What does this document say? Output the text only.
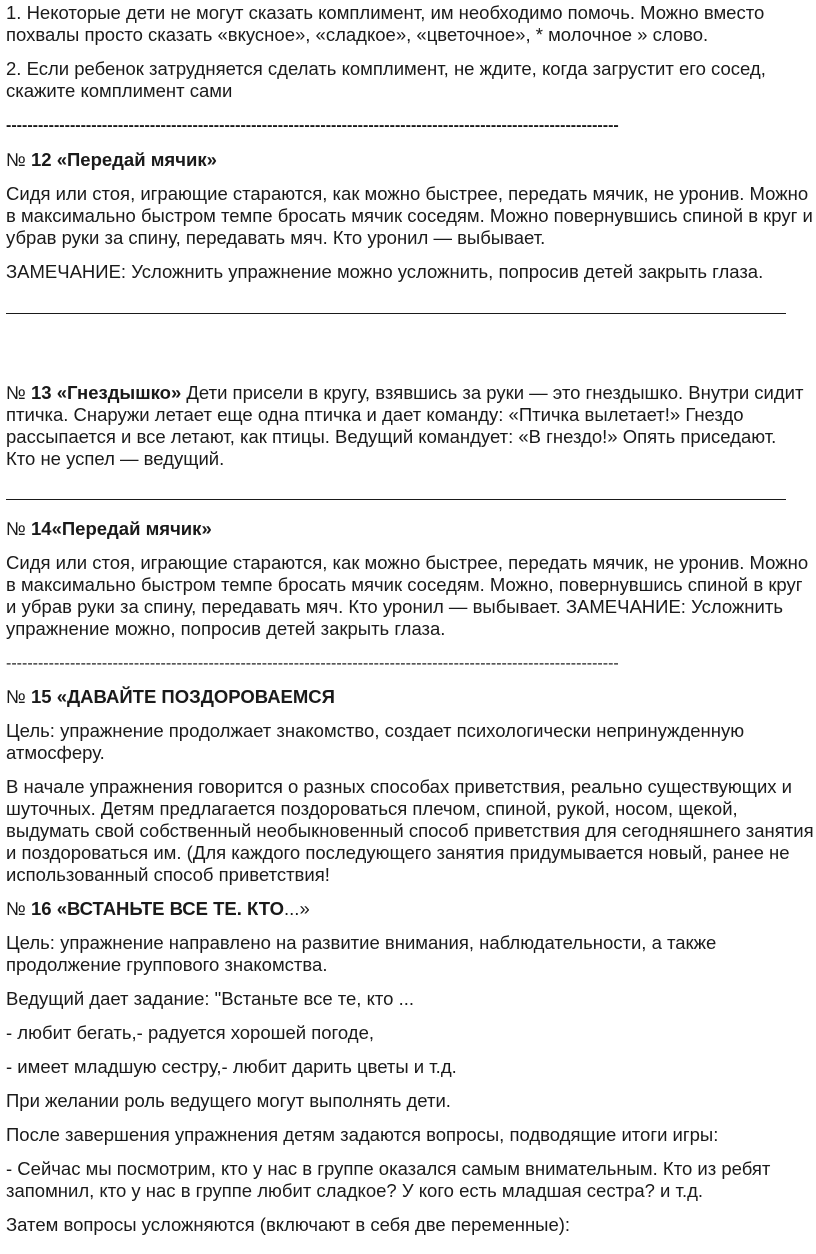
1. Некоторые дети не могут сказать комплимент, им необходимо помочь. Можно вместо похвалы просто сказать «вкусное», «сладкое», «цветочное», * молочное » слово.

2. Если ребенок затрудняется сделать комплимент, не ждите, когда загрустит его сосед, скажите комплимент сами

-------------------------------------------------------------------------------------------------------------------

№ 12 «Передай мячик»

Сидя или стоя, играющие стараются, как можно быстрее, передать мячик, не уронив. Можно в максимально быстром темпе бросать мячик соседям. Можно повернувшись спиной в круг и убрав руки за спину, передавать мяч. Кто уронил — выбывает.

ЗАМЕЧАНИЕ: Усложнить упражнение можно усложнить, попросив детей закрыть глаза.

№ 13 «Гнездышко» Дети присели в кругу, взявшись за руки — это гнездышко. Внутри сидит птичка. Снаружи летает еще одна птичка и дает команду: «Птичка вылетает!» Гнездо рассыпается и все летают, как птицы. Ведущий командует: «В гнездо!» Опять приседают. Кто не успел — ведущий.

№ 14«Передай мячик»

Сидя или стоя, играющие стараются, как можно быстрее, передать мячик, не уронив. Можно в максимально быстром темпе бросать мячик соседям. Можно, повернувшись спиной в круг и убрав руки за спину, передавать мяч. Кто уронил — выбывает. ЗАМЕЧАНИЕ: Усложнить упражнение можно, попросив детей закрыть глаза.

-------------------------------------------------------------------------------------------------------------------

№ 15 «ДАВАЙТЕ ПОЗДОРОВАЕМСЯ

Цель: упражнение продолжает знакомство, создает психологически непринужденную атмосферу.

В начале упражнения говорится о разных способах приветствия, реально существующих и шуточных. Детям предлагается поздороваться плечом, спиной, рукой, носом, щекой, выдумать свой собственный необыкновенный способ приветствия для сегодняшнего занятия и поздороваться им. (Для каждого последующего занятия придумывается новый, ранее не использованный способ приветствия!

№ 16 «ВСТАНЬТЕ ВСЕ ТЕ. КТО...»

Цель: упражнение направлено на развитие внимания, наблюдательности, а также продолжение группового знакомства.

Ведущий дает задание: "Встаньте все те, кто ...

- любит бегать,- радуется хорошей погоде,

- имеет младшую сестру,- любит дарить цветы и т.д.

При желании роль ведущего могут выполнять дети.

После завершения упражнения детям задаются вопросы, подводящие итоги игры:

- Сейчас мы посмотрим, кто у нас в группе оказался самым внимательным. Кто из ребят запомнил, кто у нас в группе любит сладкое? У кого есть младшая сестра? и т.д.

Затем вопросы усложняются (включают в себя две переменные):
